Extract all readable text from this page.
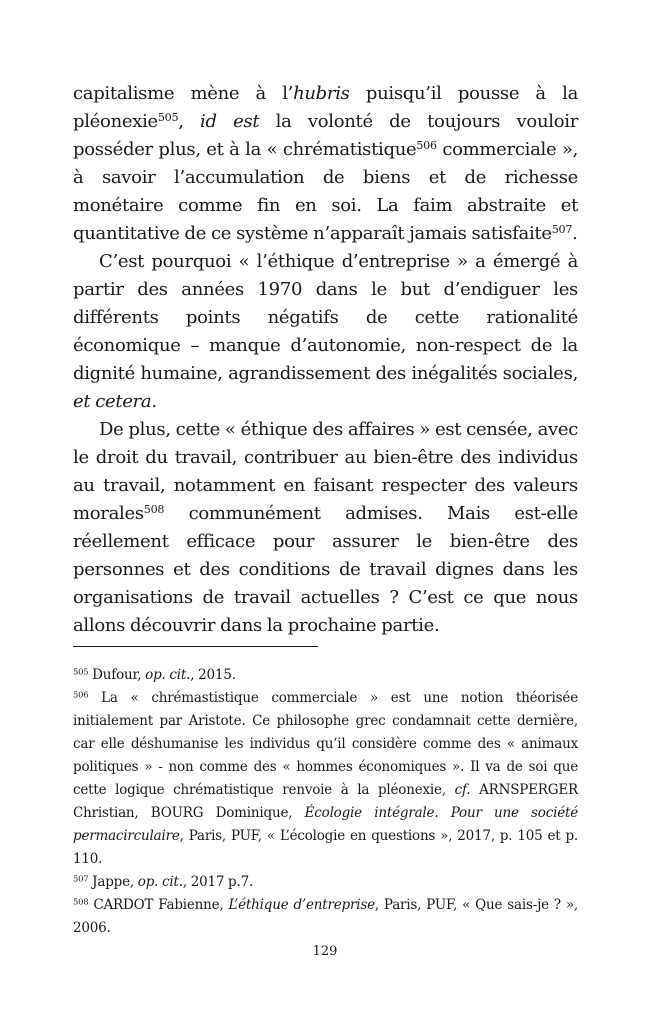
capitalisme mène à l’hubris puisqu’il pousse à la pléonexie$^{505}$, id est la volonté de toujours vouloir posséder plus, et à la « chrématistique$^{506}$ commerciale », à savoir l’accumulation de biens et de richesse monétaire comme fin en soi. La faim abstraite et quantitative de ce système n’apparaît jamais satisfaite$^{507}$.

C’est pourquoi « l’éthique d’entreprise » a émergé à partir des années 1970 dans le but d’endiguer les différents points négatifs de cette rationalité économique – manque d’autonomie, non-respect de la dignité humaine, agrandissement des inégalités sociales, et cetera.

De plus, cette « éthique des affaires » est censée, avec le droit du travail, contribuer au bien-être des individus au travail, notamment en faisant respecter des valeurs morales$^{508}$ communément admises. Mais est-elle réellement efficace pour assurer le bien-être des personnes et des conditions de travail dignes dans les organisations de travail actuelles ? C’est ce que nous allons découvrir dans la prochaine partie.

$^{505}$ Dufour, op. cit., 2015.

$^{506}$ La « chrémastistique commerciale » est une notion théorisée initialement par Aristote. Ce philosophe grec condamnait cette dernière, car elle déshumanise les individus qu’il considère comme des « animaux politiques » - non comme des « hommes économiques ». Il va de soi que cette logique chrématistique renvoie à la pléonexie, cf. ARNSPERGER Christian, BOURG Dominique, Écologie intégrale. Pour une société permacirculaire, Paris, PUF, « L’écologie en questions », 2017, p. 105 et p. 110.

$^{507}$ Jappe, op. cit., 2017 p.7.

$^{508}$ CARDOT Fabienne, L’éthique d’entreprise, Paris, PUF, « Que sais-je ? », 2006.

129
